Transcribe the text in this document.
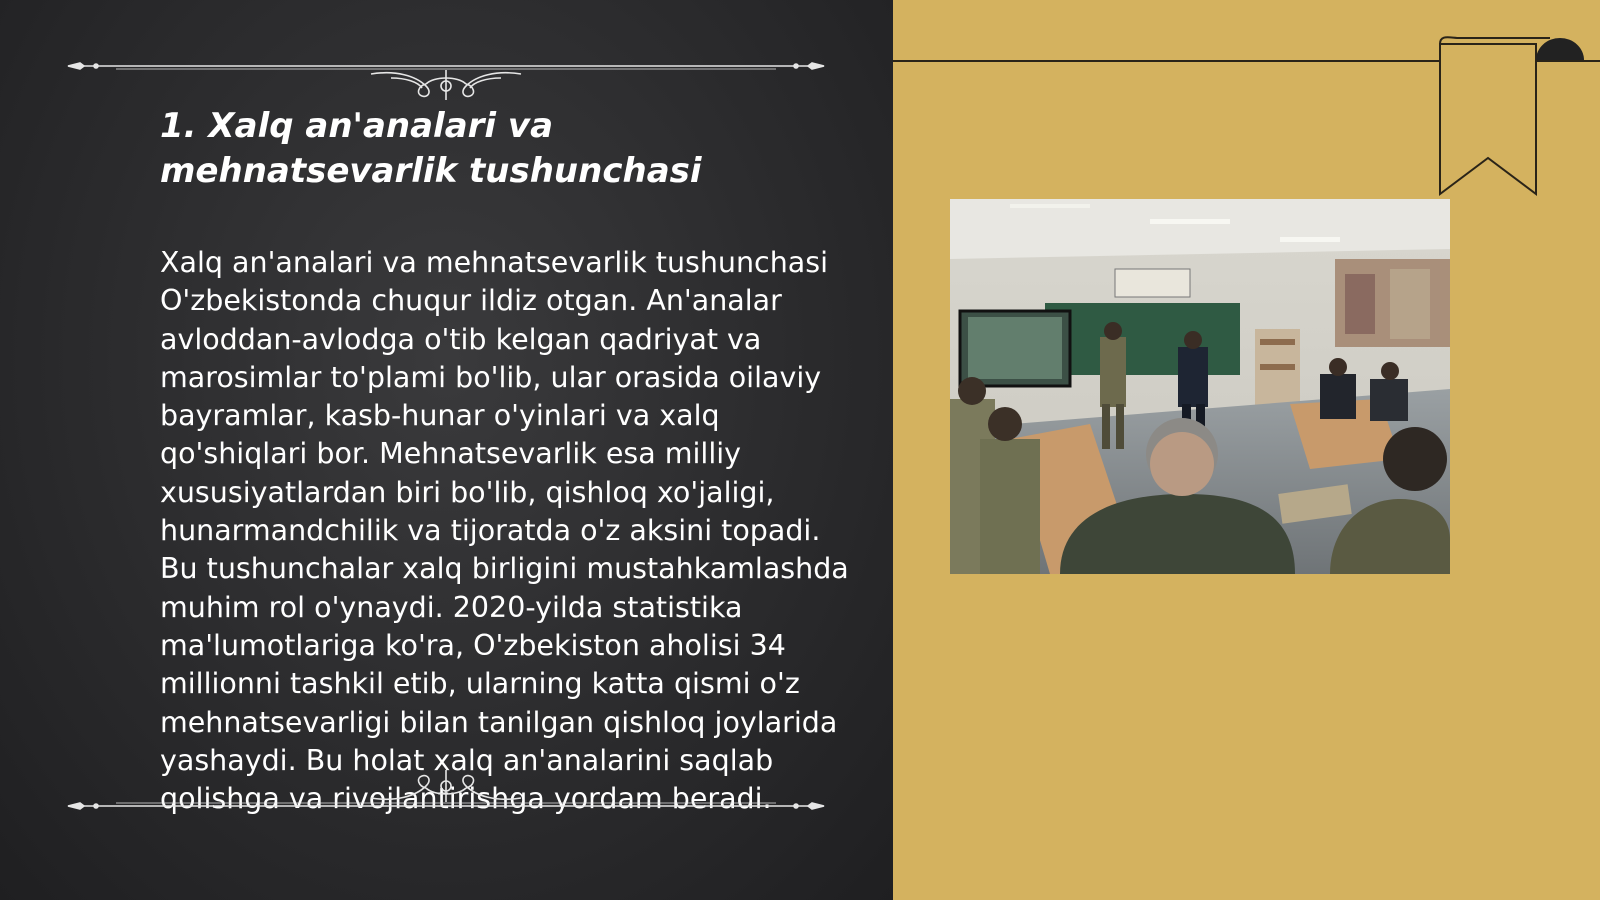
1. Xalq an'analari va mehnatsevarlik tushunchasi

Xalq an'analari va mehnatsevarlik tushunchasi O'zbekistonda chuqur ildiz otgan. An'analar avloddan-avlodga o'tib kelgan qadriyat va marosimlar to'plami bo'lib, ular orasida oilaviy bayramlar, kasb-hunar o'yinlari va xalq qo'shiqlari bor. Mehnatsevarlik esa milliy xususiyatlardan biri bo'lib, qishloq xo'jaligi, hunarmandchilik va tijoratda o'z aksini topadi. Bu tushunchalar xalq birligini mustahkamlashda muhim rol o'ynaydi. 2020-yilda statistika ma'lumotlariga ko'ra, O'zbekiston aholisi 34 millionni tashkil etib, ularning katta qismi o'z mehnatsevarligi bilan tanilgan qishloq joylarida yashaydi. Bu holat xalq an'analarini saqlab qolishga va rivojlantirishga yordam beradi.
